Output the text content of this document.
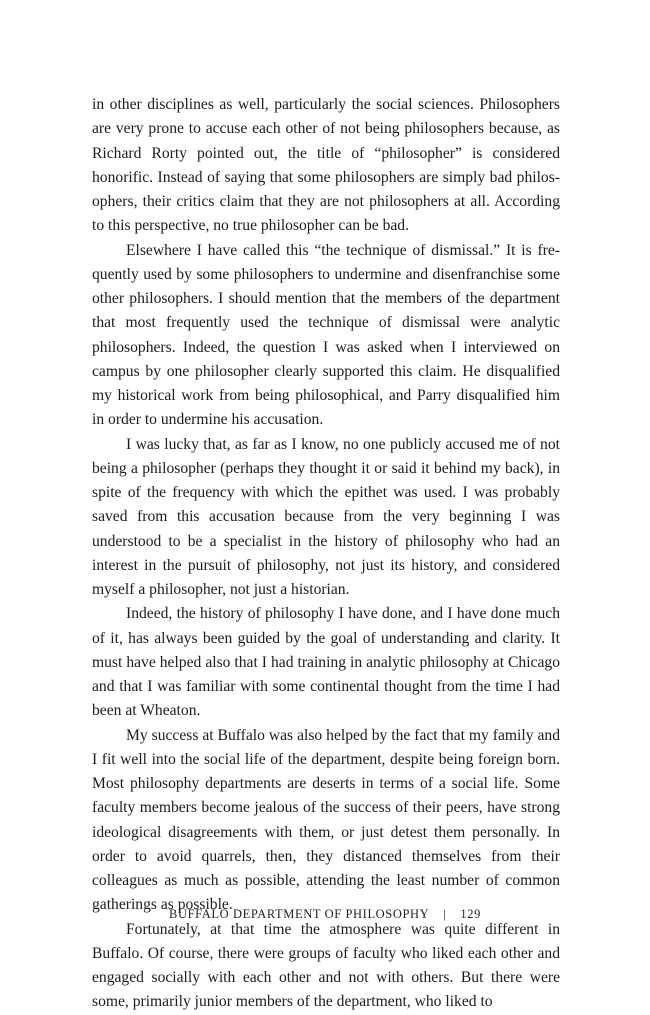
in other disciplines as well, particularly the social sciences. Philosophers are very prone to accuse each other of not being philosophers because, as Richard Rorty pointed out, the title of “philosopher” is considered honorific. Instead of saying that some philosophers are simply bad philosophers, their critics claim that they are not philosophers at all. According to this perspective, no true philosopher can be bad.

Elsewhere I have called this “the technique of dismissal.” It is frequently used by some philosophers to undermine and disenfranchise some other philosophers. I should mention that the members of the department that most frequently used the technique of dismissal were analytic philosophers. Indeed, the question I was asked when I interviewed on campus by one philosopher clearly supported this claim. He disqualified my historical work from being philosophical, and Parry disqualified him in order to undermine his accusation.

I was lucky that, as far as I know, no one publicly accused me of not being a philosopher (perhaps they thought it or said it behind my back), in spite of the frequency with which the epithet was used. I was probably saved from this accusation because from the very beginning I was understood to be a specialist in the history of philosophy who had an interest in the pursuit of philosophy, not just its history, and considered myself a philosopher, not just a historian.

Indeed, the history of philosophy I have done, and I have done much of it, has always been guided by the goal of understanding and clarity. It must have helped also that I had training in analytic philosophy at Chicago and that I was familiar with some continental thought from the time I had been at Wheaton.

My success at Buffalo was also helped by the fact that my family and I fit well into the social life of the department, despite being foreign born. Most philosophy departments are deserts in terms of a social life. Some faculty members become jealous of the success of their peers, have strong ideological disagreements with them, or just detest them personally. In order to avoid quarrels, then, they distanced themselves from their colleagues as much as possible, attending the least number of common gatherings as possible.

Fortunately, at that time the atmosphere was quite different in Buffalo. Of course, there were groups of faculty who liked each other and engaged socially with each other and not with others. But there were some, primarily junior members of the department, who liked to

BUFFALO DEPARTMENT OF PHILOSOPHY | 129
